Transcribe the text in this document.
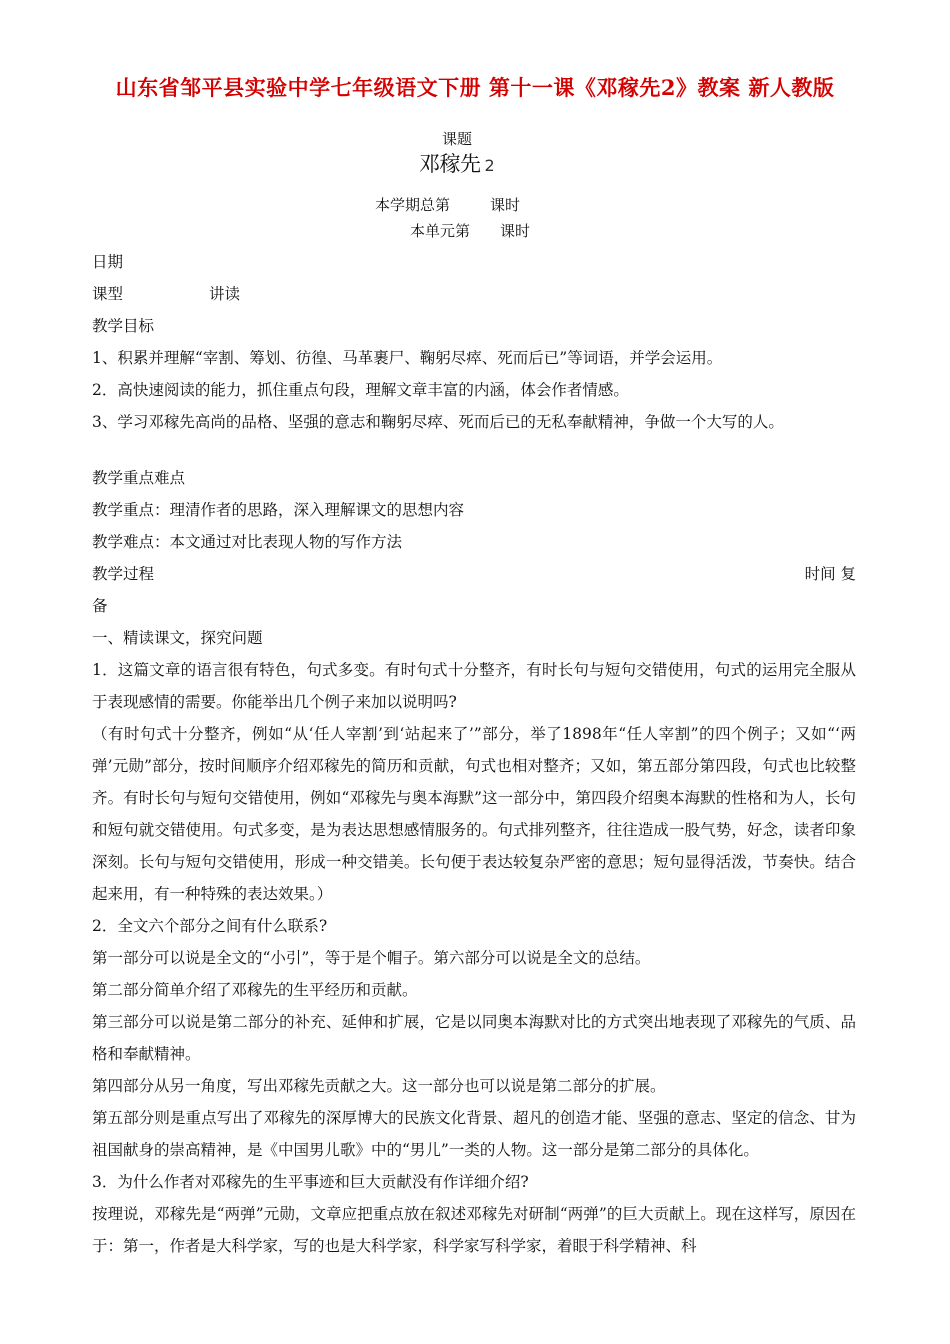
山东省邹平县实验中学七年级语文下册 第十一课《邓稼先2》教案 新人教版
课题
邓稼先 2
本学期总第	课时
本单元第 课时

日期

课型	讲读

教学目标

1、积累并理解“宰割、筹划、彷徨、马革裹尸、鞠躬尽瘁、死而后已”等词语，并学会运用。

2．高快速阅读的能力，抓住重点句段，理解文章丰富的内涵，体会作者情感。

3、学习邓稼先高尚的品格、坚强的意志和鞠躬尽瘁、死而后已的无私奉献精神，争做一个大写的人。

教学重点难点

教学重点：理清作者的思路，深入理解课文的思想内容

教学难点：本文通过对比表现人物的写作方法

教学过程	时间 复

备

一、精读课文，探究问题

1．这篇文章的语言很有特色，句式多变。有时句式十分整齐，有时长句与短句交错使用，句式的运用完全服从于表现感情的需要。你能举出几个例子来加以说明吗?

（有时句式十分整齐，例如“从‘任人宰割’到‘站起来了’”部分，举了1898年“任人宰割”的四个例子；又如“‘两弹’元勋”部分，按时间顺序介绍邓稼先的简历和贡献，句式也相对整齐；又如，第五部分第四段，句式也比较整齐。有时长句与短句交错使用，例如“邓稼先与奥本海默”这一部分中，第四段介绍奥本海默的性格和为人，长句和短句就交错使用。句式多变，是为表达思想感情服务的。句式排列整齐，往往造成一股气势，好念，读者印象深刻。长句与短句交错使用，形成一种交错美。长句便于表达较复杂严密的意思；短句显得活泼，节奏快。结合起来用，有一种特殊的表达效果。）

2．全文六个部分之间有什么联系?

第一部分可以说是全文的“小引”，等于是个帽子。第六部分可以说是全文的总结。

第二部分简单介绍了邓稼先的生平经历和贡献。

第三部分可以说是第二部分的补充、延伸和扩展，它是以同奥本海默对比的方式突出地表现了邓稼先的气质、品格和奉献精神。

第四部分从另一角度，写出邓稼先贡献之大。这一部分也可以说是第二部分的扩展。

第五部分则是重点写出了邓稼先的深厚博大的民族文化背景、超凡的创造才能、坚强的意志、坚定的信念、甘为祖国献身的崇高精神，是《中国男儿歌》中的“男儿”一类的人物。这一部分是第二部分的具体化。

3．为什么作者对邓稼先的生平事迹和巨大贡献没有作详细介绍?

按理说，邓稼先是“两弹”元勋，文章应把重点放在叙述邓稼先对研制“两弹”的巨大贡献上。现在这样写，原因在于：第一，作者是大科学家，写的也是大科学家，科学家写科学家，着眼于科学精神、科
